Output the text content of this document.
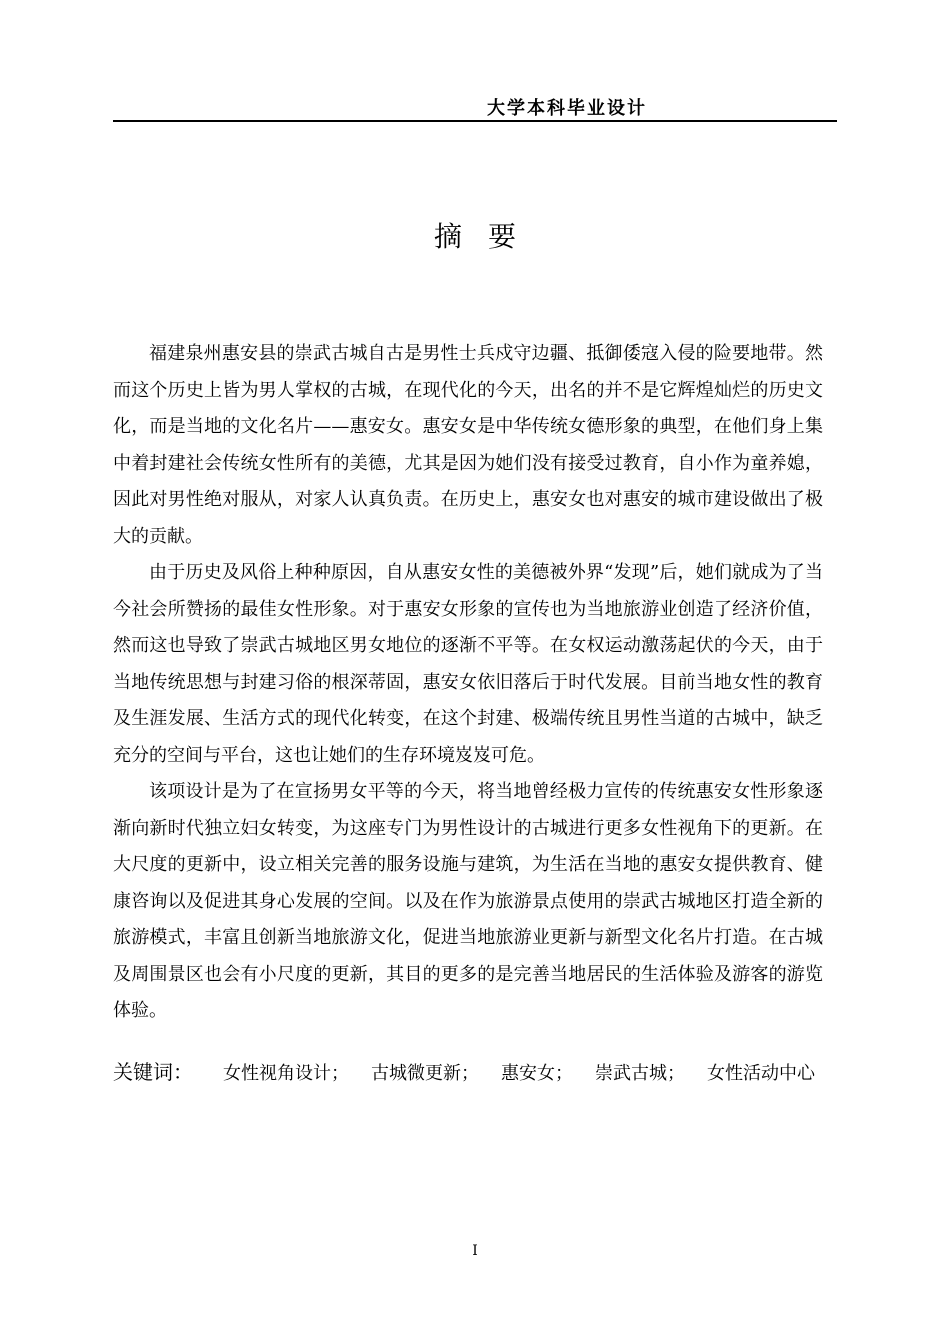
大学本科毕业设计
摘要

福建泉州惠安县的崇武古城自古是男性士兵戍守边疆、抵御倭寇入侵的险要地带。然而这个历史上皆为男人掌权的古城，在现代化的今天，出名的并不是它辉煌灿烂的历史文化，而是当地的文化名片——惠安女。惠安女是中华传统女德形象的典型，在他们身上集中着封建社会传统女性所有的美德，尤其是因为她们没有接受过教育，自小作为童养媳，因此对男性绝对服从，对家人认真负责。在历史上，惠安女也对惠安的城市建设做出了极大的贡献。

由于历史及风俗上种种原因，自从惠安女性的美德被外界“发现”后，她们就成为了当今社会所赞扬的最佳女性形象。对于惠安女形象的宣传也为当地旅游业创造了经济价值，然而这也导致了崇武古城地区男女地位的逐渐不平等。在女权运动激荡起伏的今天，由于当地传统思想与封建习俗的根深蒂固，惠安女依旧落后于时代发展。目前当地女性的教育及生涯发展、生活方式的现代化转变，在这个封建、极端传统且男性当道的古城中，缺乏充分的空间与平台，这也让她们的生存环境岌岌可危。

该项设计是为了在宣扬男女平等的今天，将当地曾经极力宣传的传统惠安女性形象逐渐向新时代独立妇女转变，为这座专门为男性设计的古城进行更多女性视角下的更新。在大尺度的更新中，设立相关完善的服务设施与建筑，为生活在当地的惠安女提供教育、健康咨询以及促进其身心发展的空间。以及在作为旅游景点使用的崇武古城地区打造全新的旅游模式，丰富且创新当地旅游文化，促进当地旅游业更新与新型文化名片打造。在古城及周围景区也会有小尺度的更新，其目的更多的是完善当地居民的生活体验及游客的游览体验。

关键词： 女性视角设计； 古城微更新； 惠安女； 崇武古城； 女性活动中心
I
